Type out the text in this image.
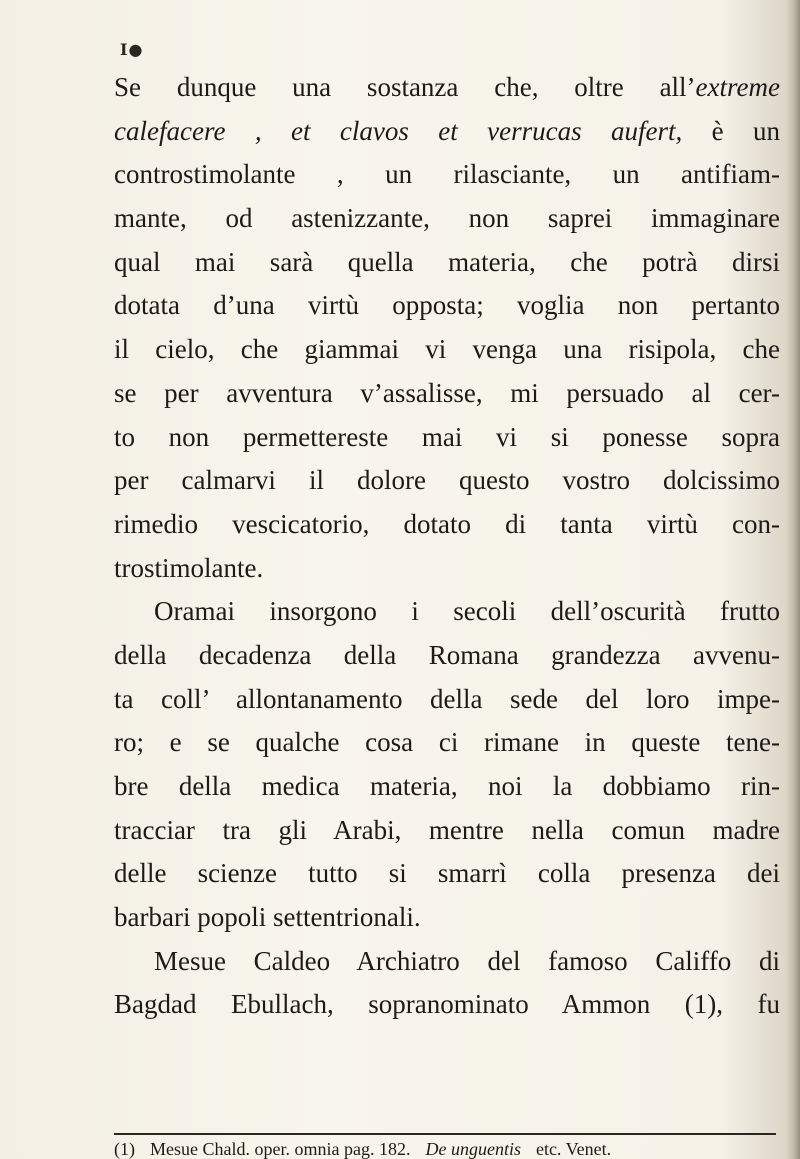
I●
Se dunque una sostanza che, oltre all’extreme
calefacere , et clavos et verrucas aufert, è un
controstimolante , un rilasciante, un antifiam-
mante, od astenizzante, non saprei immaginare
qual mai sarà quella materia, che potrà dirsi
dotata d’una virtù opposta; voglia non pertanto
il cielo, che giammai vi venga una risipola, che
se per avventura v’assalisse, mi persuado al cer-
to non permettereste mai vi si ponesse sopra
per calmarvi il dolore questo vostro dolcissimo
rimedio vescicatorio, dotato di tanta virtù con-
trostimolante.
Oramai insorgono i secoli dell’oscurità frutto
della decadenza della Romana grandezza avvenu-
ta coll’ allontanamento della sede del loro impe-
ro; e se qualche cosa ci rimane in queste tene-
bre della medica materia, noi la dobbiamo rin-
tracciar tra gli Arabi, mentre nella comun madre
delle scienze tutto si smarrì colla presenza dei
barbari popoli settentrionali.
Mesue Caldeo Archiatro del famoso Califfo di
Bagdad Ebullach, sopranominato Ammon (1), fu
(1) Mesue Chald. oper. omnia pag. 182. De unguentis etc. Venet.
